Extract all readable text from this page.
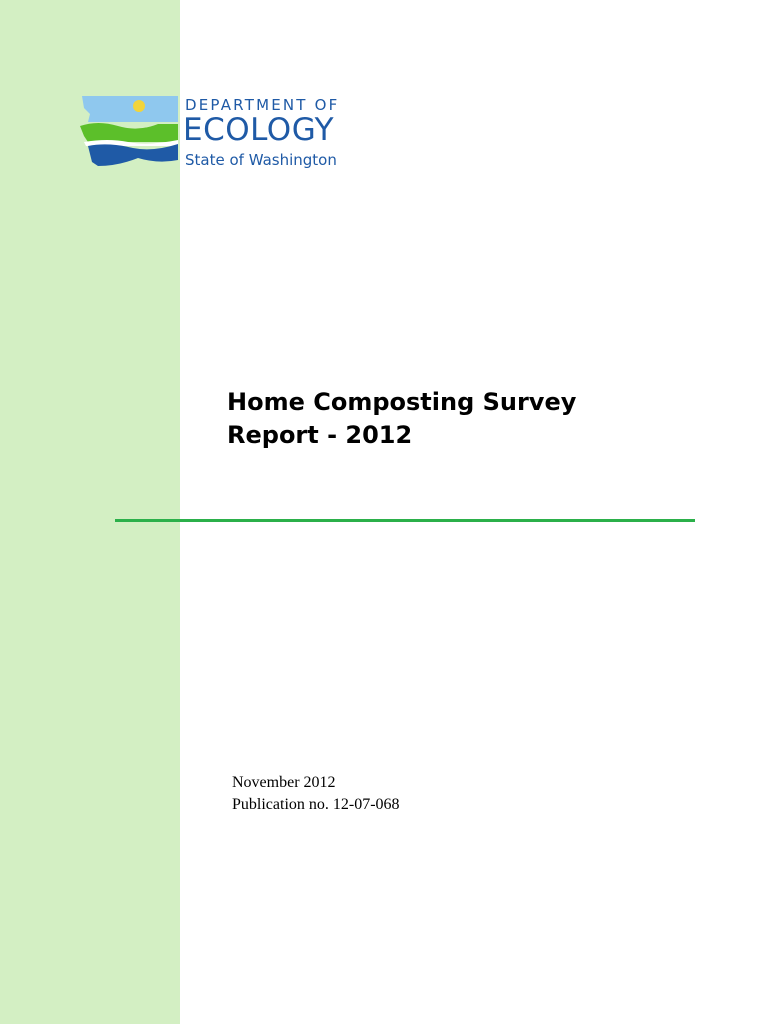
DEPARTMENT OF
ECOLOGY
State of Washington
Home Composting Survey
Report - 2012
November 2012
Publication no. 12-07-068
